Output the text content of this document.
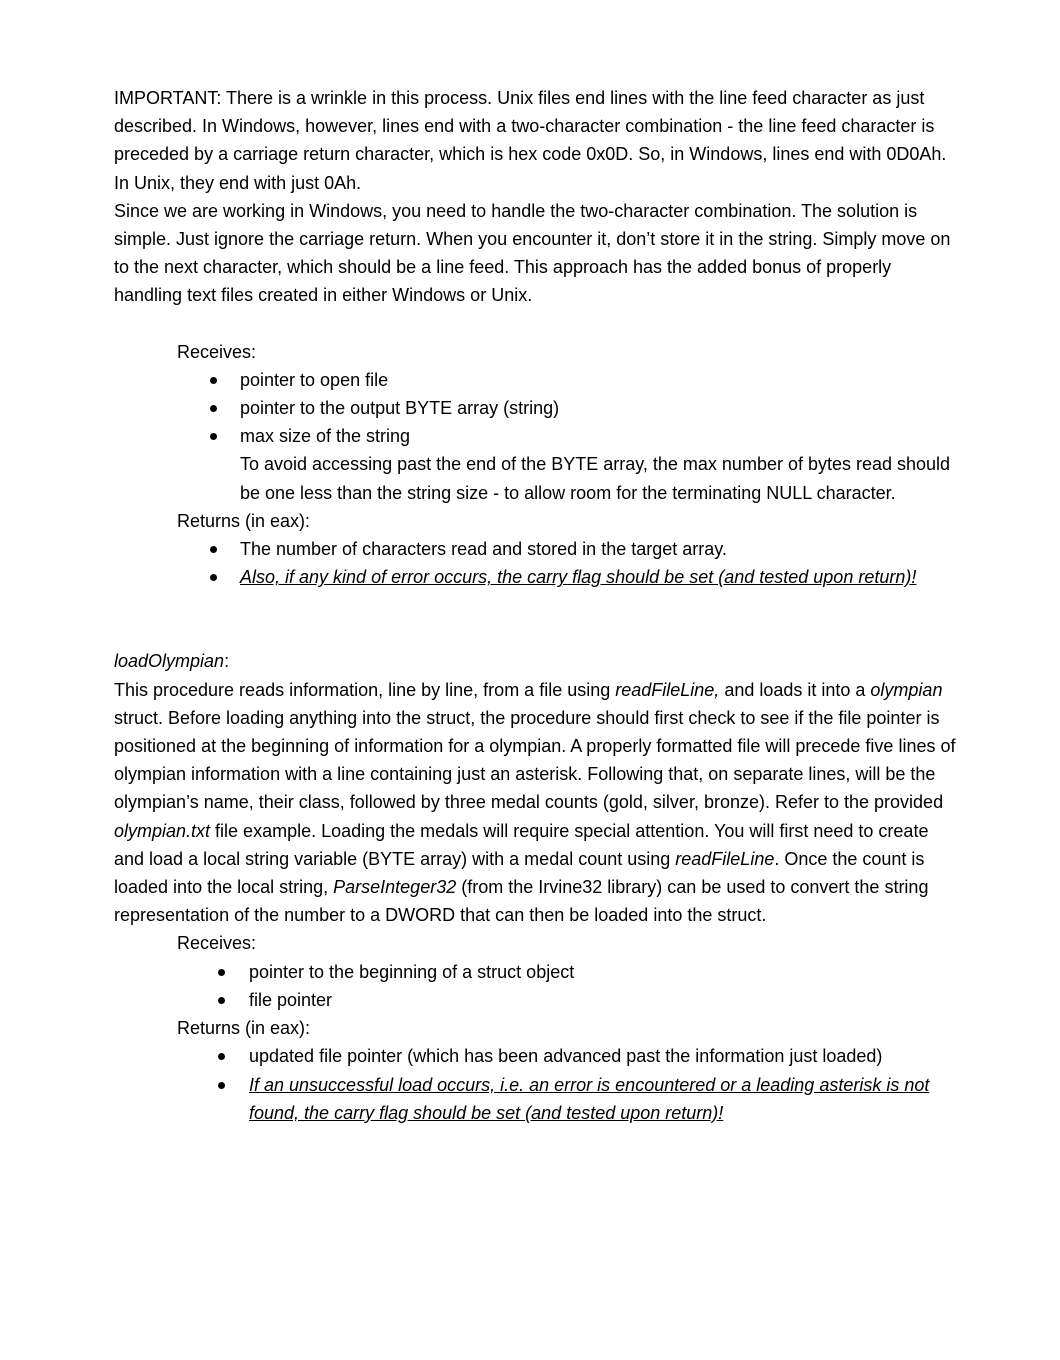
IMPORTANT: There is a wrinkle in this process. Unix files end lines with the line feed character as just described. In Windows, however, lines end with a two-character combination - the line feed character is preceded by a carriage return character, which is hex code 0x0D. So, in Windows, lines end with 0D0Ah. In Unix, they end with just 0Ah.

Since we are working in Windows, you need to handle the two-character combination. The solution is simple. Just ignore the carriage return. When you encounter it, don’t store it in the string. Simply move on to the next character, which should be a line feed. This approach has the added bonus of properly handling text files created in either Windows or Unix.

Receives:
pointer to open file
pointer to the output BYTE array (string)
max size of the string
To avoid accessing past the end of the BYTE array, the max number of bytes read should be one less than the string size - to allow room for the terminating NULL character.
Returns (in eax):
The number of characters read and stored in the target array.
Also, if any kind of error occurs, the carry flag should be set (and tested upon return)!

loadOlympian:

This procedure reads information, line by line, from a file using readFileLine, and loads it into a olympian struct. Before loading anything into the struct, the procedure should first check to see if the file pointer is positioned at the beginning of information for a olympian. A properly formatted file will precede five lines of olympian information with a line containing just an asterisk. Following that, on separate lines, will be the olympian’s name, their class, followed by three medal counts (gold, silver, bronze). Refer to the provided olympian.txt file example. Loading the medals will require special attention. You will first need to create and load a local string variable (BYTE array) with a medal count using readFileLine. Once the count is loaded into the local string, ParseInteger32 (from the Irvine32 library) can be used to convert the string representation of the number to a DWORD that can then be loaded into the struct.

Receives:
pointer to the beginning of a struct object
file pointer
Returns (in eax):
updated file pointer (which has been advanced past the information just loaded)
If an unsuccessful load occurs, i.e. an error is encountered or a leading asterisk is not found, the carry flag should be set (and tested upon return)!
